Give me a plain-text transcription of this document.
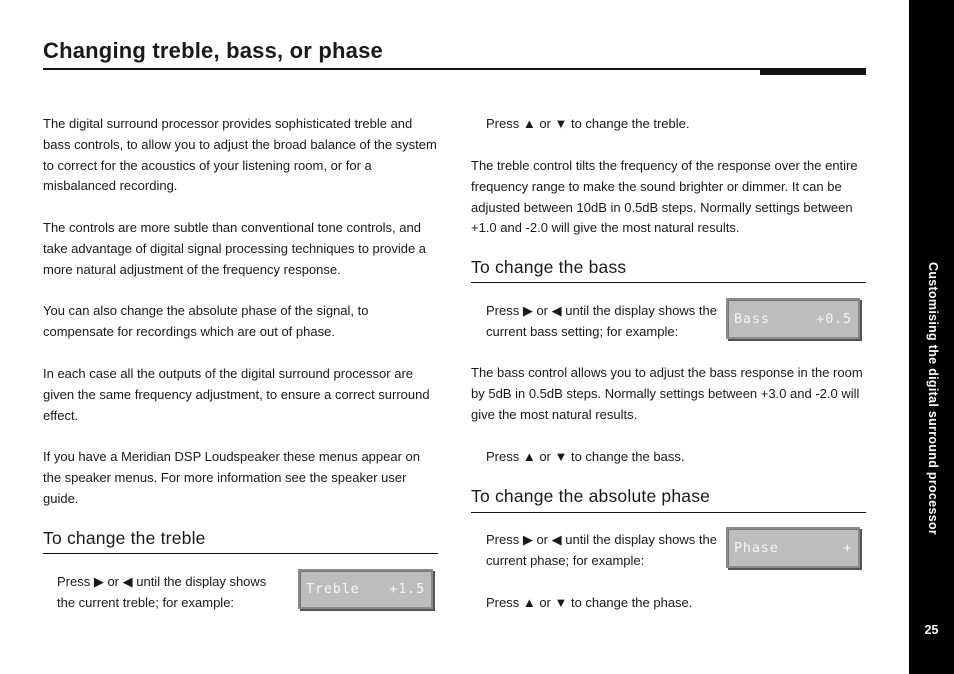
Changing treble, bass, or phase

The digital surround processor provides sophisticated treble and bass controls, to allow you to adjust the broad balance of the system to correct for the acoustics of your listening room, or for a misbalanced recording.

The controls are more subtle than conventional tone controls, and take advantage of digital signal processing techniques to provide a more natural adjustment of the frequency response.

You can also change the absolute phase of the signal, to compensate for recordings which are out of phase.

In each case all the outputs of the digital surround processor are given the same frequency adjustment, to ensure a correct surround effect.

If you have a Meridian DSP Loudspeaker these menus appear on the speaker menus. For more information see the speaker user guide.

To change the treble

Press ▶ or ◀ until the display shows the current treble; for example:

Treble +1.5

Press ▲ or ▼ to change the treble.

The treble control tilts the frequency of the response over the entire frequency range to make the sound brighter or dimmer. It can be adjusted between 10dB in 0.5dB steps. Normally settings between +1.0 and -2.0 will give the most natural results.

To change the bass

Press ▶ or ◀ until the display shows the current bass setting; for example:

Bass	+0.5

The bass control allows you to adjust the bass response in the room by 5dB in 0.5dB steps. Normally settings between +3.0 and -2.0 will give the most natural results.

Press ▲ or ▼ to change the bass.

To change the absolute phase

Press ▶ or ◀ until the display shows the current phase; for example:

Phase	+

Press ▲ or ▼ to change the phase.

Customising the digital surround processor
25
